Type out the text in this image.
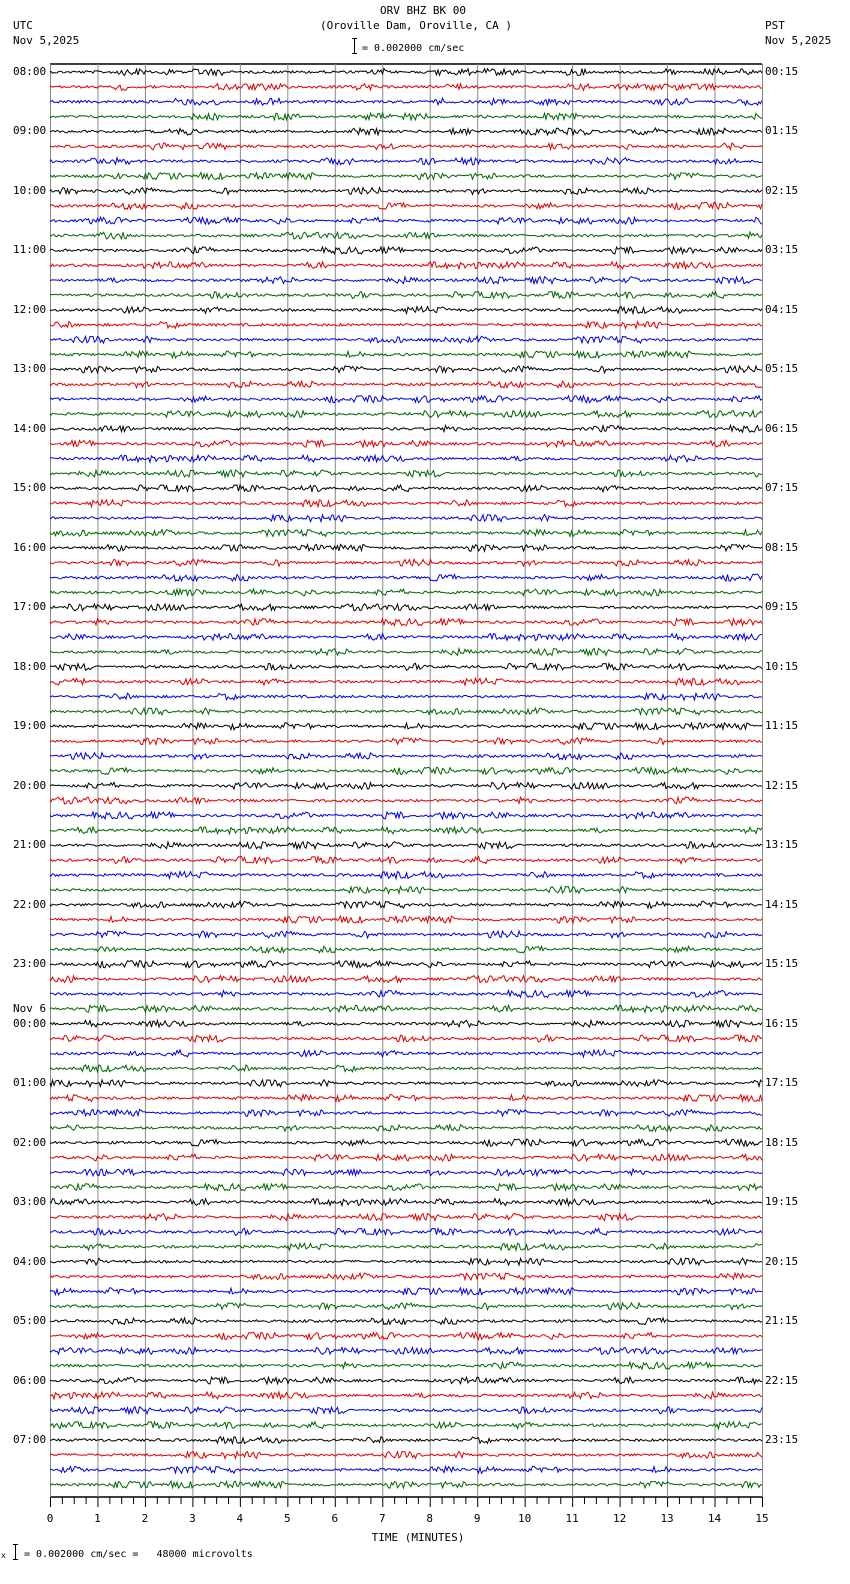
ORV BHZ BK 00
(Oroville Dam, Oroville, CA )
UTC
Nov 5,2025
PST
Nov 5,2025
= 0.002000 cm/sec
0	1	2	3	4	5	6	7	8	9	10	11	12	13	14	15
08:00
09:00
10:00
11:00
12:00
13:00
14:00
15:00
16:00
17:00
18:00
19:00
20:00
21:00
22:00
23:00
00:00
01:00
02:00
03:00
04:00
05:00
06:00
07:00
00:15
01:15
02:15
03:15
04:15
05:15
06:15
07:15
08:15
09:15
10:15
11:15
12:15
13:15
14:15
15:15
16:15
17:15
18:15
19:15
20:15
21:15
22:15
23:15
Nov 6
TIME (MINUTES)
x = 0.002000 cm/sec =   48000 microvolts
